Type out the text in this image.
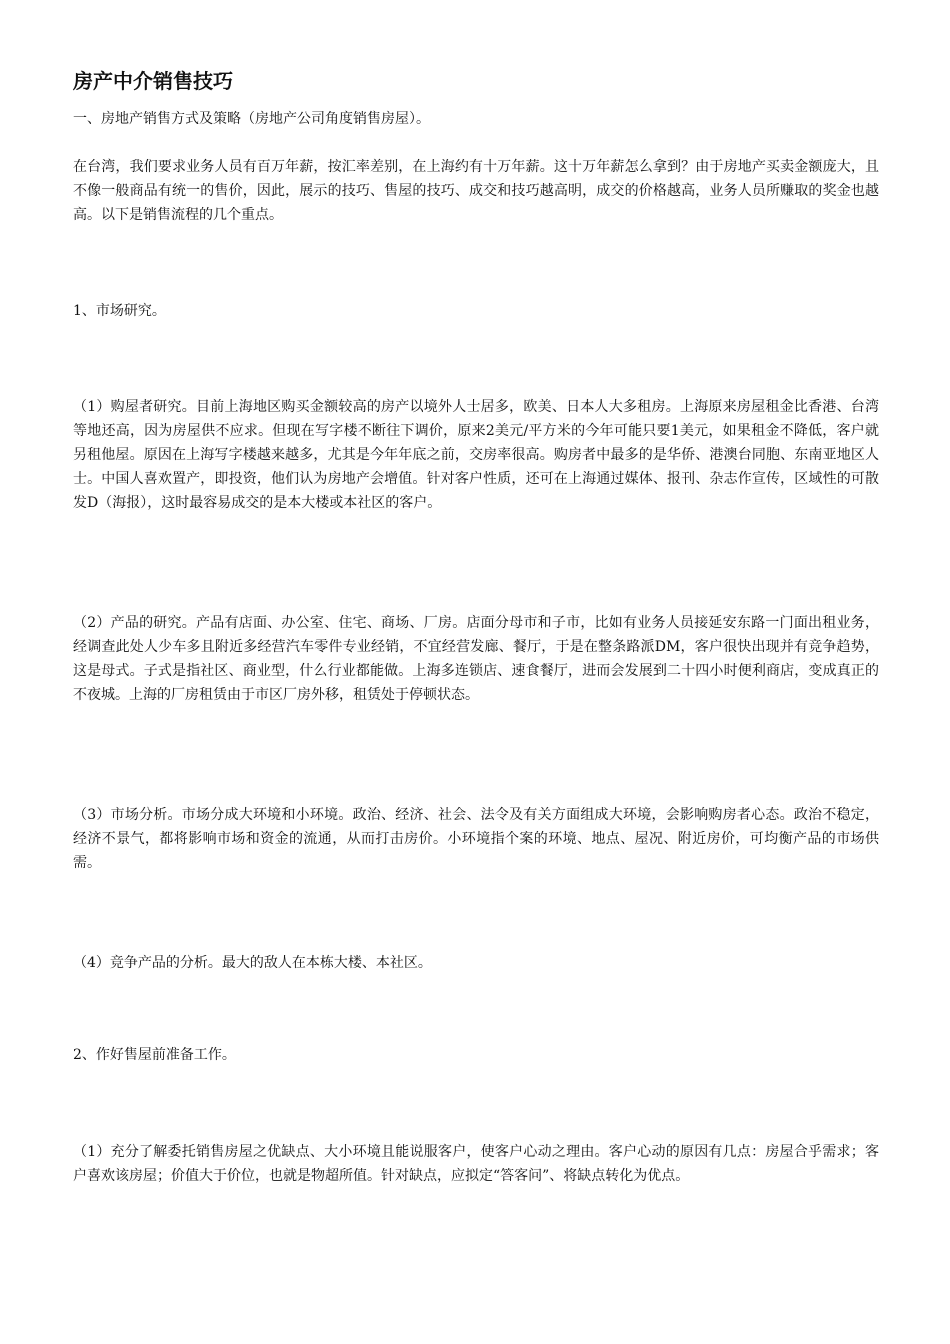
房产中介销售技巧

一、房地产销售方式及策略（房地产公司角度销售房屋）。

在台湾，我们要求业务人员有百万年薪，按汇率差别，在上海约有十万年薪。这十万年薪怎么拿到？由于房地产买卖金额庞大，且不像一般商品有统一的售价，因此，展示的技巧、售屋的技巧、成交和技巧越高明，成交的价格越高，业务人员所赚取的奖金也越高。以下是销售流程的几个重点。

1、市场研究。

（1）购屋者研究。目前上海地区购买金额较高的房产以境外人士居多，欧美、日本人大多租房。上海原来房屋租金比香港、台湾等地还高，因为房屋供不应求。但现在写字楼不断往下调价，原来2美元/平方米的今年可能只要1美元，如果租金不降低，客户就另租他屋。原因在上海写字楼越来越多，尤其是今年年底之前，交房率很高。购房者中最多的是华侨、港澳台同胞、东南亚地区人士。中国人喜欢置产，即投资，他们认为房地产会增值。针对客户性质，还可在上海通过媒体、报刊、杂志作宣传，区域性的可散发D（海报），这时最容易成交的是本大楼或本社区的客户。

（2）产品的研究。产品有店面、办公室、住宅、商场、厂房。店面分母市和子市，比如有业务人员接延安东路一门面出租业务，经调查此处人少车多且附近多经营汽车零件专业经销，不宜经营发廊、餐厅，于是在整条路派DM，客户很快出现并有竞争趋势，这是母式。子式是指社区、商业型，什么行业都能做。上海多连锁店、速食餐厅，进而会发展到二十四小时便利商店，变成真正的不夜城。上海的厂房租赁由于市区厂房外移，租赁处于停顿状态。

（3）市场分析。市场分成大环境和小环境。政治、经济、社会、法令及有关方面组成大环境，会影响购房者心态。政治不稳定，经济不景气，都将影响市场和资金的流通，从而打击房价。小环境指个案的环境、地点、屋况、附近房价，可均衡产品的市场供需。

（4）竞争产品的分析。最大的敌人在本栋大楼、本社区。

2、作好售屋前准备工作。

（1）充分了解委托销售房屋之优缺点、大小环境且能说服客户，使客户心动之理由。客户心动的原因有几点：房屋合乎需求；客户喜欢该房屋；价值大于价位，也就是物超所值。针对缺点，应拟定“答客问”、将缺点转化为优点。
